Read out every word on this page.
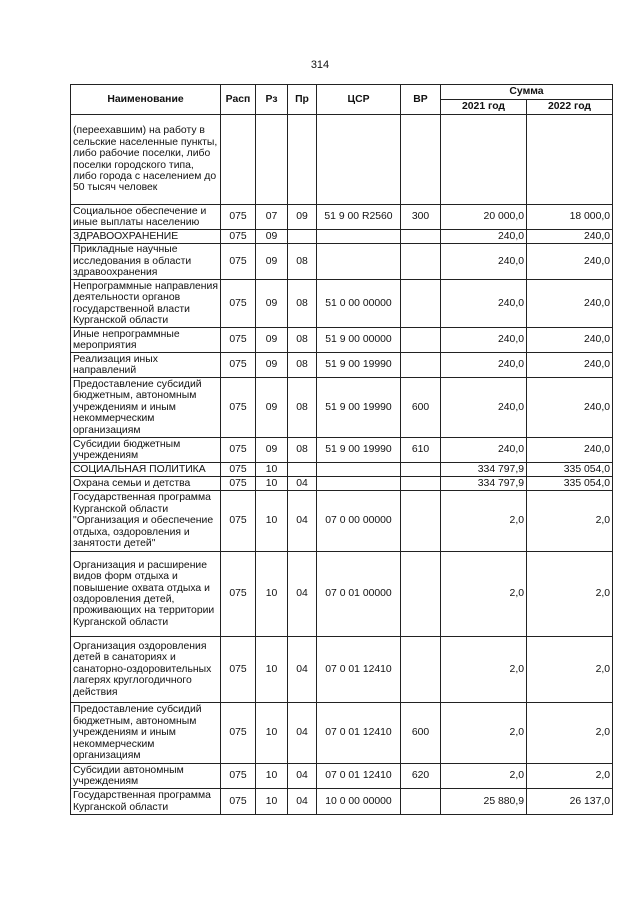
314
Наименование	Расп	Рз	Пр	ЦСР	ВР	Сумма	
						2021 год	2022 год
(переехавшим) на работу в сельские населенные пункты, либо рабочие поселки, либо поселки городского типа, либо города с населением до 50 тысяч человек							
Социальное обеспечение и иные выплаты населению	075	07	09	51 9 00 R2560	300	20 000,0	18 000,0
ЗДРАВООХРАНЕНИЕ	075	09				240,0	240,0
Прикладные научные исследования в области здравоохранения	075	09	08			240,0	240,0
Непрограммные направления деятельности органов государственной власти Курганской области	075	09	08	51 0 00 00000		240,0	240,0
Иные непрограммные мероприятия	075	09	08	51 9 00 00000		240,0	240,0
Реализация иных направлений	075	09	08	51 9 00 19990		240,0	240,0
Предоставление субсидий бюджетным, автономным учреждениям и иным некоммерческим организациям	075	09	08	51 9 00 19990	600	240,0	240,0
Субсидии бюджетным учреждениям	075	09	08	51 9 00 19990	610	240,0	240,0
СОЦИАЛЬНАЯ ПОЛИТИКА	075	10				334 797,9	335 054,0
Охрана семьи и детства	075	10	04			334 797,9	335 054,0
Государственная программа Курганской области "Организация и обеспечение отдыха, оздоровления и занятости детей"	075	10	04	07 0 00 00000		2,0	2,0
Организация и расширение видов форм отдыха и повышение охвата отдыха и оздоровления детей, проживающих на территории Курганской области	075	10	04	07 0 01 00000		2,0	2,0
Организация оздоровления детей в санаториях и санаторно-оздоровительных лагерях круглогодичного действия	075	10	04	07 0 01 12410		2,0	2,0
Предоставление субсидий бюджетным, автономным учреждениям и иным некоммерческим организациям	075	10	04	07 0 01 12410	600	2,0	2,0
Субсидии автономным учреждениям	075	10	04	07 0 01 12410	620	2,0	2,0
Государственная программа Курганской области	075	10	04	10 0 00 00000		25 880,9	26 137,0
